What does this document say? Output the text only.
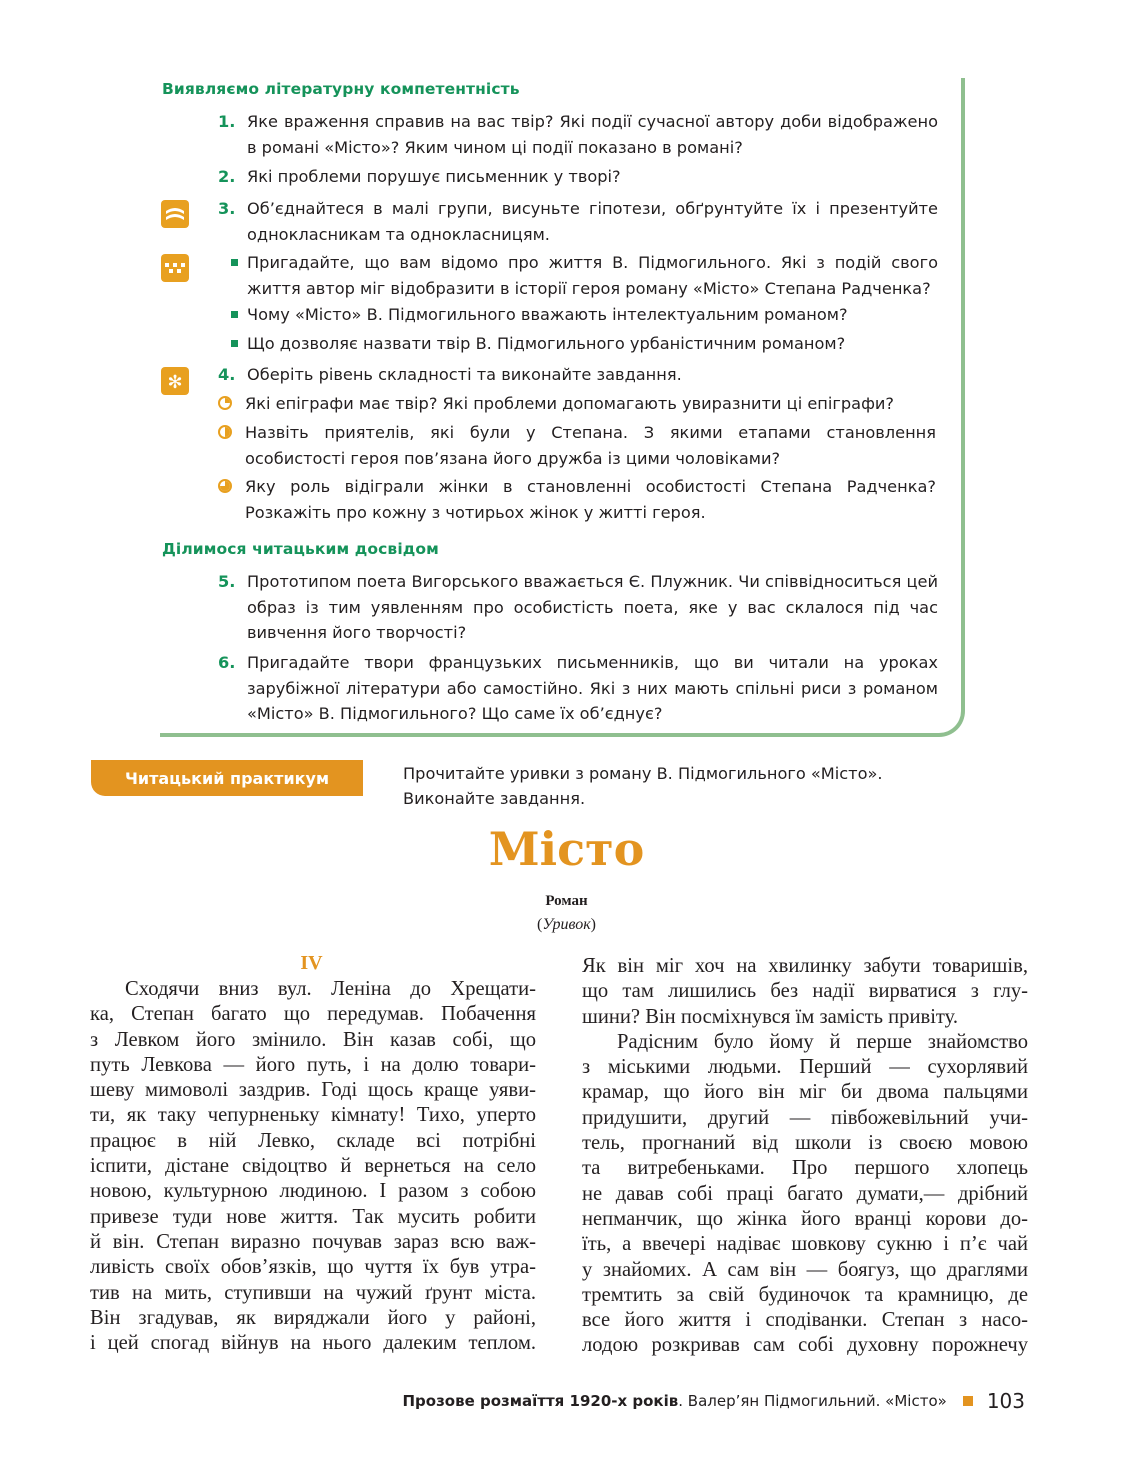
Виявляємо літературну компетентність
1. Яке враження справив на вас твір? Які події сучасної автору доби відображено в романі «Місто»? Яким чином ці події показано в романі?
2. Які проблеми порушує письменник у творі?
3. Об’єднайтеся в малі групи, висуньте гіпотези, обґрунтуйте їх і презентуйте однокласникам та однокласницям.
Пригадайте, що вам відомо про життя В. Підмогильного. Які з подій свого життя автор міг відобразити в історії героя роману «Місто» Степана Радченка?
Чому «Місто» В. Підмогильного вважають інтелектуальним романом?
Що дозволяє назвати твір В. Підмогильного урбаністичним романом?
✻ 4. Оберіть рівень складності та виконайте завдання.
Які епіграфи має твір? Які проблеми допомагають увиразнити ці епіграфи?
Назвіть приятелів, які були у Степана. З якими етапами становлення особистості героя пов’язана його дружба із цими чоловіками?
Яку роль відіграли жінки в становленні особистості Степана Радченка? Розкажіть про кожну з чотирьох жінок у житті героя.
Ділимося читацьким досвідом
5. Прототипом поета Вигорського вважається Є. Плужник. Чи співвідноситься цей образ із тим уявленням про особистість поета, яке у вас склалося під час вивчення його творчості?
6. Пригадайте твори французьких письменників, що ви читали на уроках зарубіжної літератури або самостійно. Які з них мають спільні риси з романом «Місто» В. Підмогильного? Що саме їх об’єднує?
Читацький практикум	Прочитайте уривки з роману В. Підмогильного «Місто».
Виконайте завдання.
Місто
Роман
(Уривок)
IV
Сходячи вниз вул. Леніна до Хрещати-
ка, Степан багато що передумав. Побачення
з Левком його змінило. Він казав собі, що
путь Левкова — його путь, і на долю товари-
шеву мимоволі заздрив. Годі щось краще уяви-
ти, як таку чепурненьку кімнату! Тихо, уперто
працює в ній Левко, складе всі потрібні
іспити, дістане свідоцтво й вернеться на село
новою, культурною людиною. І разом з собою
привезе туди нове життя. Так мусить робити
й він. Степан виразно почував зараз всю важ-
ливість своїх обов’язків, що чуття їх був утра-
тив на мить, ступивши на чужий ґрунт міста.
Він згадував, як виряджали його у районі,
і цей спогад війнув на нього далеким теплом.
Як він міг хоч на хвилинку забути товаришів,
що там лишились без надії вирватися з глу-
шини? Він посміхнувся їм замість привіту.
Радісним було йому й перше знайомство
з міськими людьми. Перший — сухорлявий
крамар, що його він міг би двома пальцями
придушити, другий — півбожевільний учи-
тель, прогнаний від школи із своєю мовою
та витребеньками. Про першого хлопець
не давав собі праці багато думати,— дрібний
непманчик, що жінка його вранці корови до-
їть, а ввечері надіває шовкову сукню і п’є чай
у знайомих. А сам він — боягуз, що драглями
тремтить за свій будиночок та крамницю, де
все його життя і сподіванки. Степан з насо-
лодою розкривав сам собі духовну порожнечу
Прозове розмаїття 1920-х років . Валер’ян Підмогильний. «Місто» 103
